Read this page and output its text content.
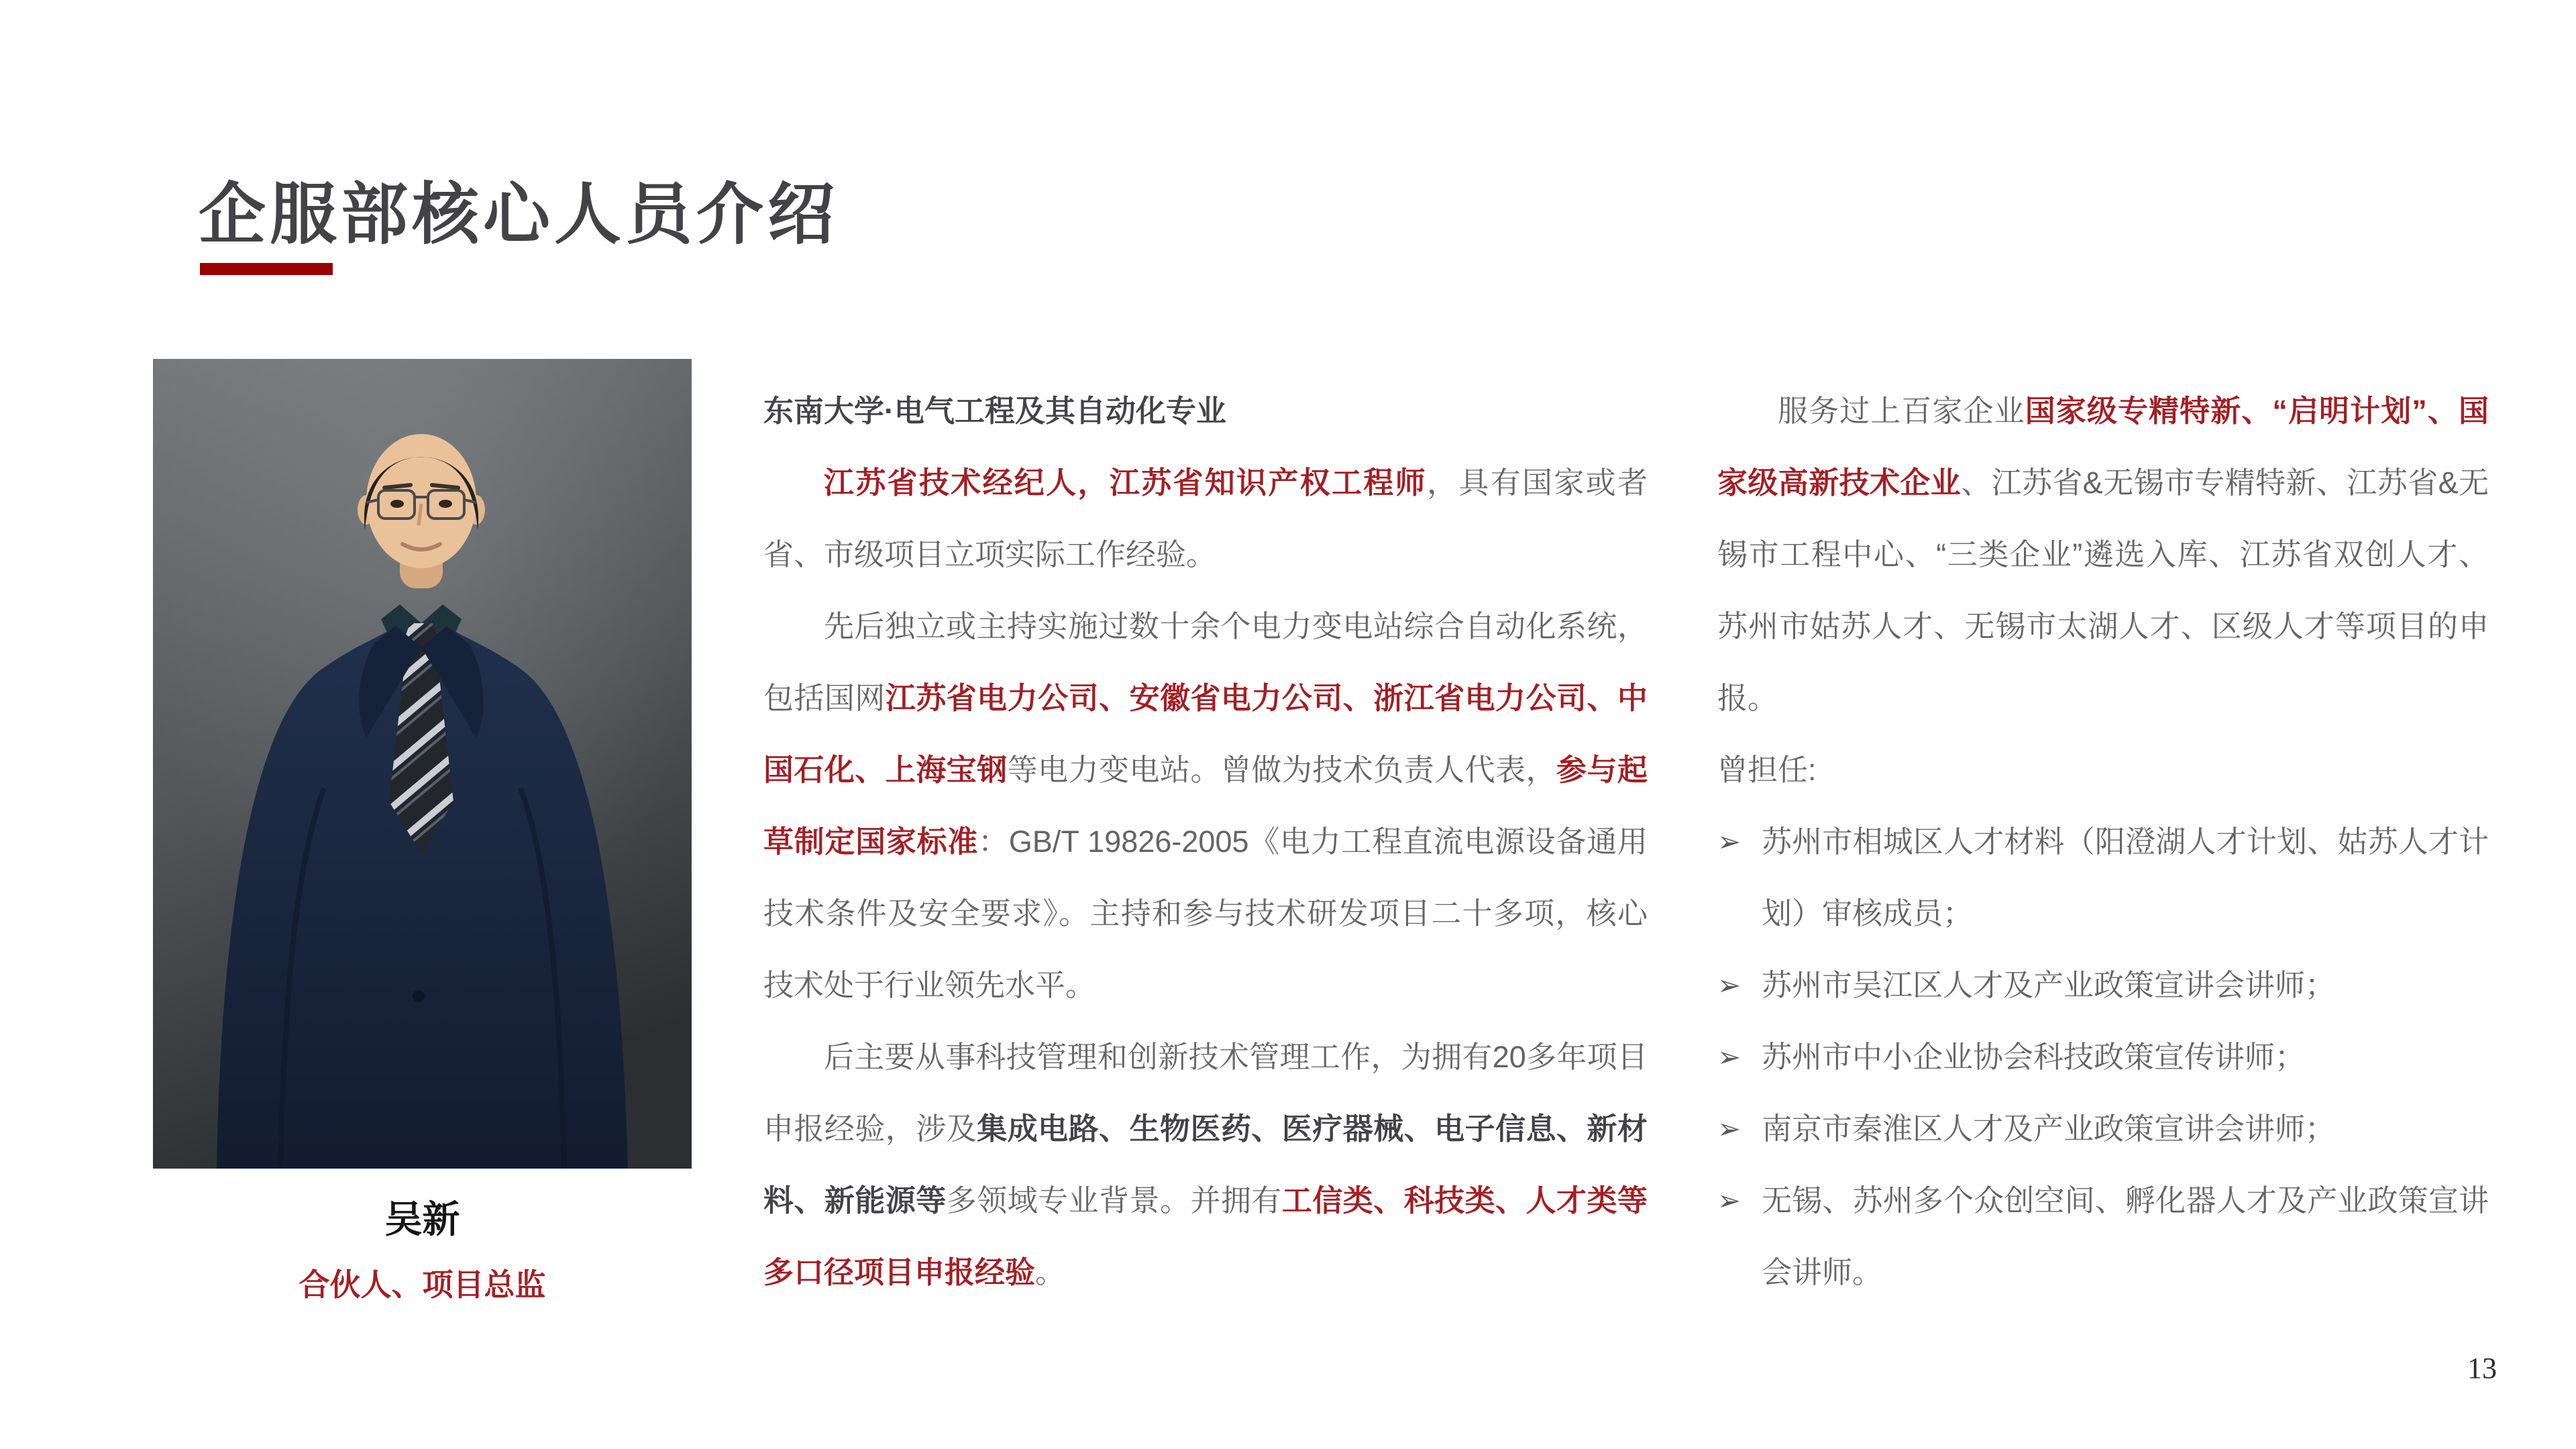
企服部核心人员介绍
吴新
合伙人、项目总监

东南大学·电气工程及其自动化专业

江苏省技术经纪人，江苏省知识产权工程师，具有国家或者省、市级项目立项实际工作经验。

先后独立或主持实施过数十余个电力变电站综合自动化系统，包括国网江苏省电力公司、安徽省电力公司、浙江省电力公司、中国石化、上海宝钢等电力变电站。曾做为技术负责人代表，参与起草制定国家标准：GB/T 19826-2005《电力工程直流电源设备通用技术条件及安全要求》。主持和参与技术研发项目二十多项，核心技术处于行业领先水平。

后主要从事科技管理和创新技术管理工作，为拥有20多年项目申报经验，涉及集成电路、生物医药、医疗器械、电子信息、新材料、新能源等多领域专业背景。并拥有工信类、科技类、人才类等多口径项目申报经验。

服务过上百家企业国家级专精特新、“启明计划”、国家级高新技术企业、江苏省&无锡市专精特新、江苏省&无锡市工程中心、“三类企业”遴选入库、江苏省双创人才、苏州市姑苏人才、无锡市太湖人才、区级人才等项目的申报。

曾担任:

➢ 苏州市相城区人才材料（阳澄湖人才计划、姑苏人才计划）审核成员；
➢ 苏州市吴江区人才及产业政策宣讲会讲师；
➢ 苏州市中小企业协会科技政策宣传讲师；
➢ 南京市秦淮区人才及产业政策宣讲会讲师；
➢ 无锡、苏州多个众创空间、孵化器人才及产业政策宣讲会讲师。
13
